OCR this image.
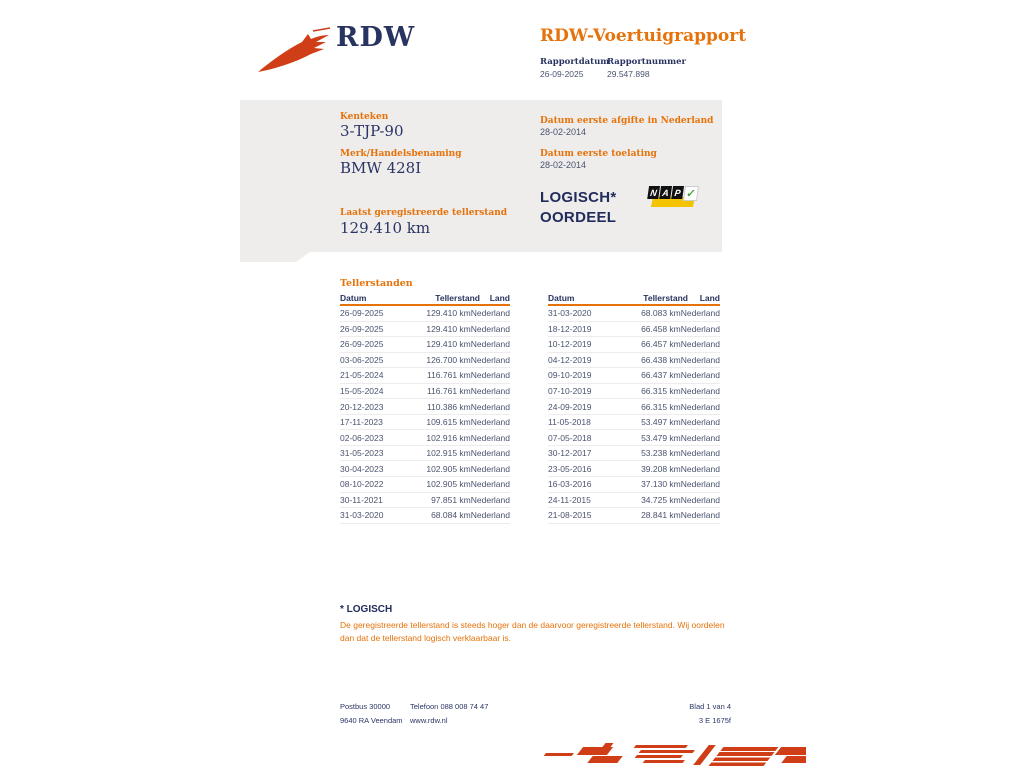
RDW	RDW-Voertuigrapport
Rapportdatum
26-09-2025
Rapportnummer
29.547.898
Kenteken
3-TJP-90
Merk/Handelsbenaming
BMW 428I
Laatst geregistreerde tellerstand
129.410 km
Datum eerste afgifte in Nederland
28-02-2014
Datum eerste toelating
28-02-2014
LOGISCH*
OORDEEL
N A P ✓
Tellerstanden
Datum	Tellerstand	Land
26-09-2025	129.410 km Nederland
26-09-2025	129.410 km Nederland
26-09-2025	129.410 km Nederland
03-06-2025	126.700 km Nederland
21-05-2024	116.761 km Nederland
15-05-2024	116.761 km Nederland
20-12-2023	110.386 km Nederland
17-11-2023	109.615 km Nederland
02-06-2023	102.916 km Nederland
31-05-2023	102.915 km Nederland
30-04-2023	102.905 km Nederland
08-10-2022	102.905 km Nederland
30-11-2021	97.851 km Nederland
31-03-2020	68.084 km Nederland
Datum	Tellerstand	Land
31-03-2020	68.083 km Nederland
18-12-2019	66.458 km Nederland
10-12-2019	66.457 km Nederland
04-12-2019	66.438 km Nederland
09-10-2019	66.437 km Nederland
07-10-2019	66.315 km Nederland
24-09-2019	66.315 km Nederland
11-05-2018	53.497 km Nederland
07-05-2018	53.479 km Nederland
30-12-2017	53.238 km Nederland
23-05-2016	39.208 km Nederland
16-03-2016	37.130 km Nederland
24-11-2015	34.725 km Nederland
21-08-2015	28.841 km Nederland
* LOGISCH
De geregistreerde tellerstand is steeds hoger dan de daarvoor geregistreerde tellerstand. Wij oordelen dan dat de tellerstand logisch verklaarbaar is.
Postbus 30000
9640 RA Veendam
Telefoon 088 008 74 47
www.rdw.nl
Blad 1 van 4
3 E 1675f
